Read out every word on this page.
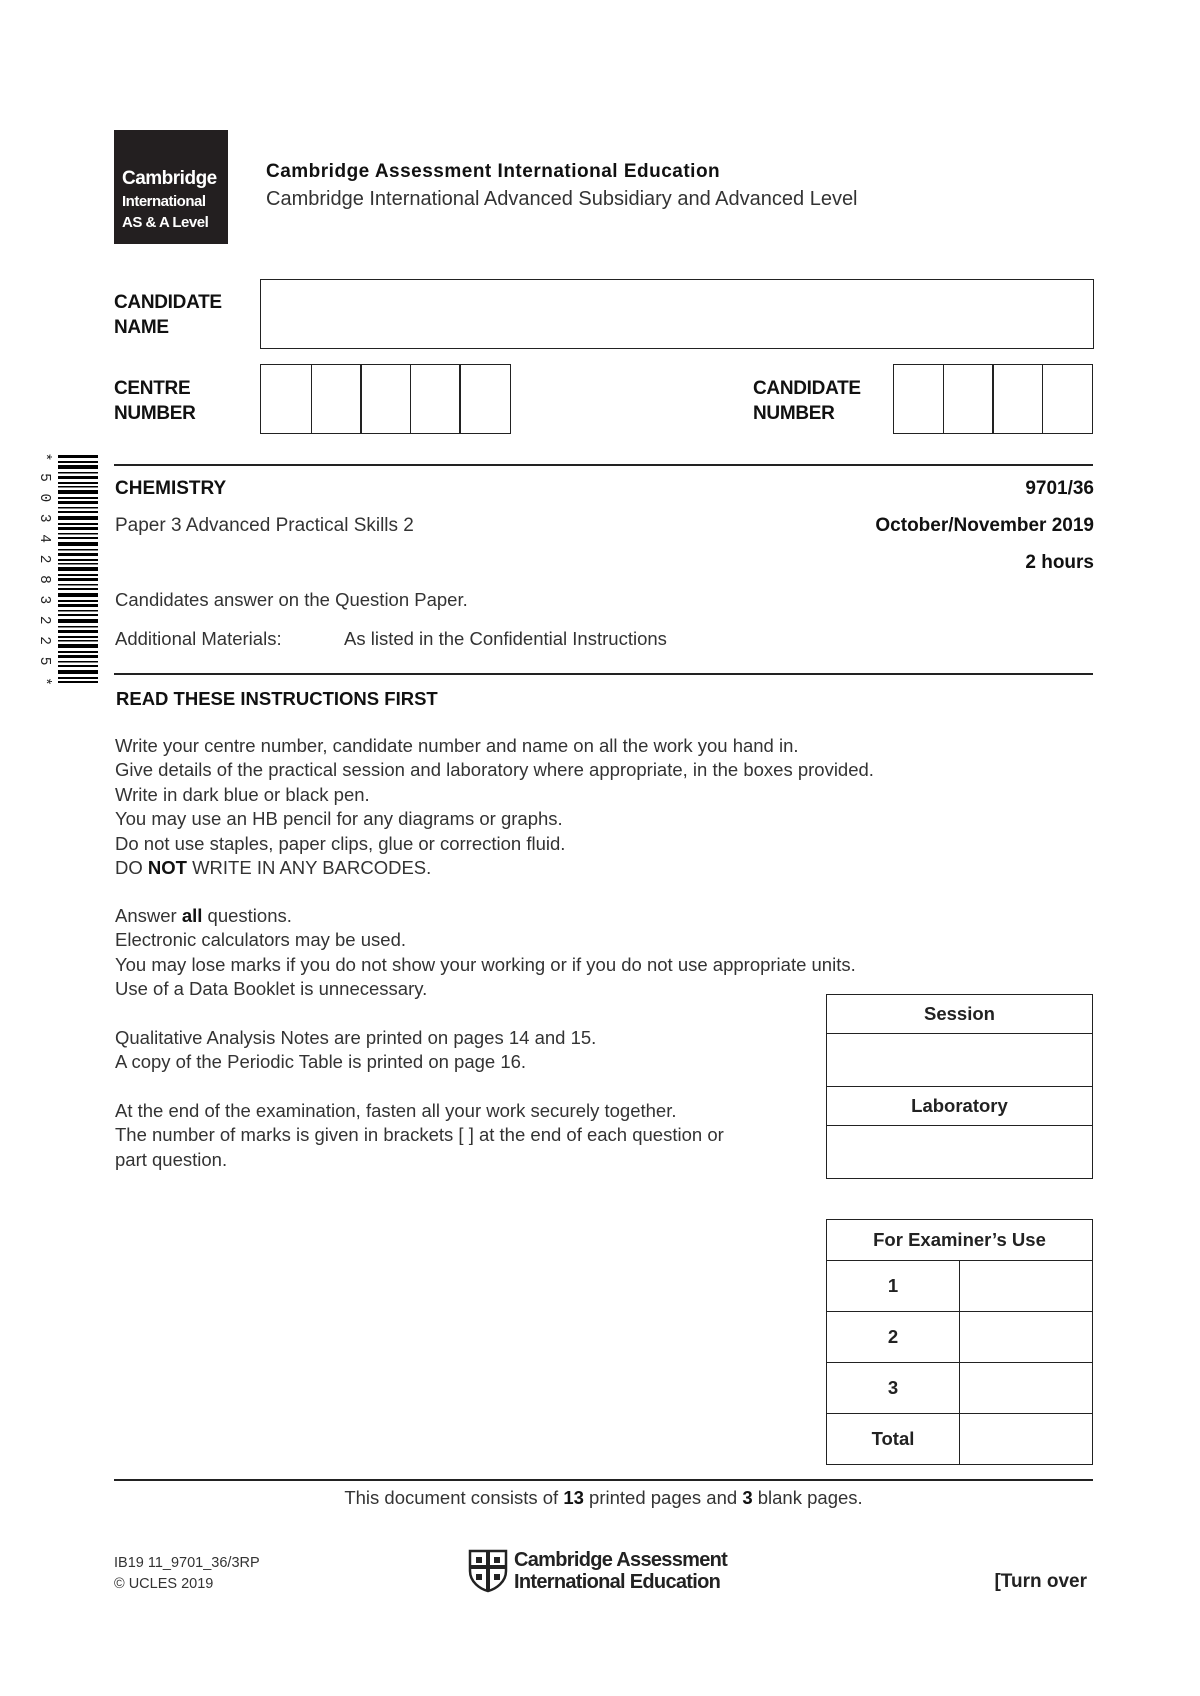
Cambridge
International
AS & A Level
Cambridge Assessment International Education
Cambridge International Advanced Subsidiary and Advanced Level
CANDIDATE
NAME
CENTRE
NUMBER
CANDIDATE
NUMBER
* 5 0 3 4 2 8 3 2 2 5 *	CHEMISTRY	9701/36
Paper 3 Advanced Practical Skills 2	October/November 2019
2 hours
Candidates answer on the Question Paper.
Additional Materials:	As listed in the Confidential Instructions
READ THESE INSTRUCTIONS FIRST
Write your centre number, candidate number and name on all the work you hand in.
Give details of the practical session and laboratory where appropriate, in the boxes provided.
Write in dark blue or black pen.
You may use an HB pencil for any diagrams or graphs.
Do not use staples, paper clips, glue or correction fluid.
DO NOT WRITE IN ANY BARCODES.
Answer all questions.
Electronic calculators may be used.
You may lose marks if you do not show your working or if you do not use appropriate units.
Use of a Data Booklet is unnecessary.
Qualitative Analysis Notes are printed on pages 14 and 15.
A copy of the Periodic Table is printed on page 16.
At the end of the examination, fasten all your work securely together.
The number of marks is given in brackets [ ] at the end of each question or
part question.
Session

Laboratory

For Examiner’s Use	
1	
2	
3	
Total	
This document consists of 13 printed pages and 3 blank pages.
IB19 11_9701_36/3RP
© UCLES 2019
Cambridge Assessment
International Education	[Turn over
